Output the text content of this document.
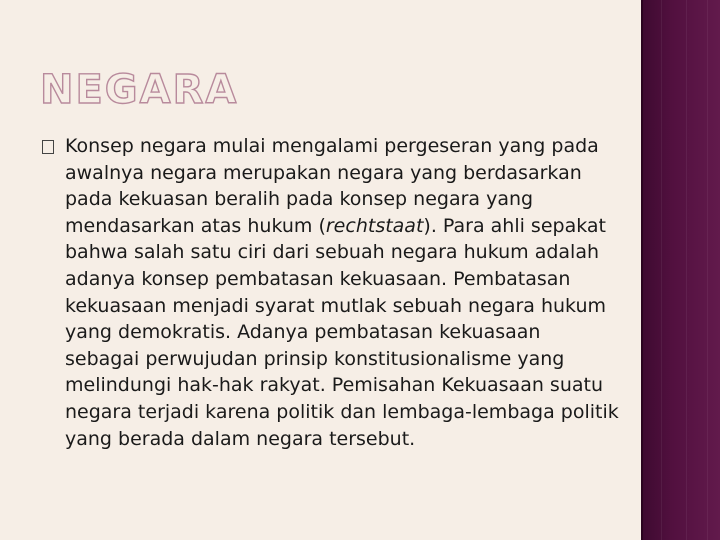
NEGARA

Konsep negara mulai mengalami pergeseran yang pada awalnya negara merupakan negara yang berdasarkan pada kekuasan beralih pada konsep negara yang mendasarkan atas hukum (rechtstaat). Para ahli sepakat bahwa salah satu ciri dari sebuah negara hukum adalah adanya konsep pembatasan kekuasaan. Pembatasan kekuasaan menjadi syarat mutlak sebuah negara hukum yang demokratis. Adanya pembatasan kekuasaan sebagai perwujudan prinsip konstitusionalisme yang melindungi hak-hak rakyat. Pemisahan Kekuasaan suatu negara terjadi karena politik dan lembaga-lembaga politik yang berada dalam negara tersebut.
